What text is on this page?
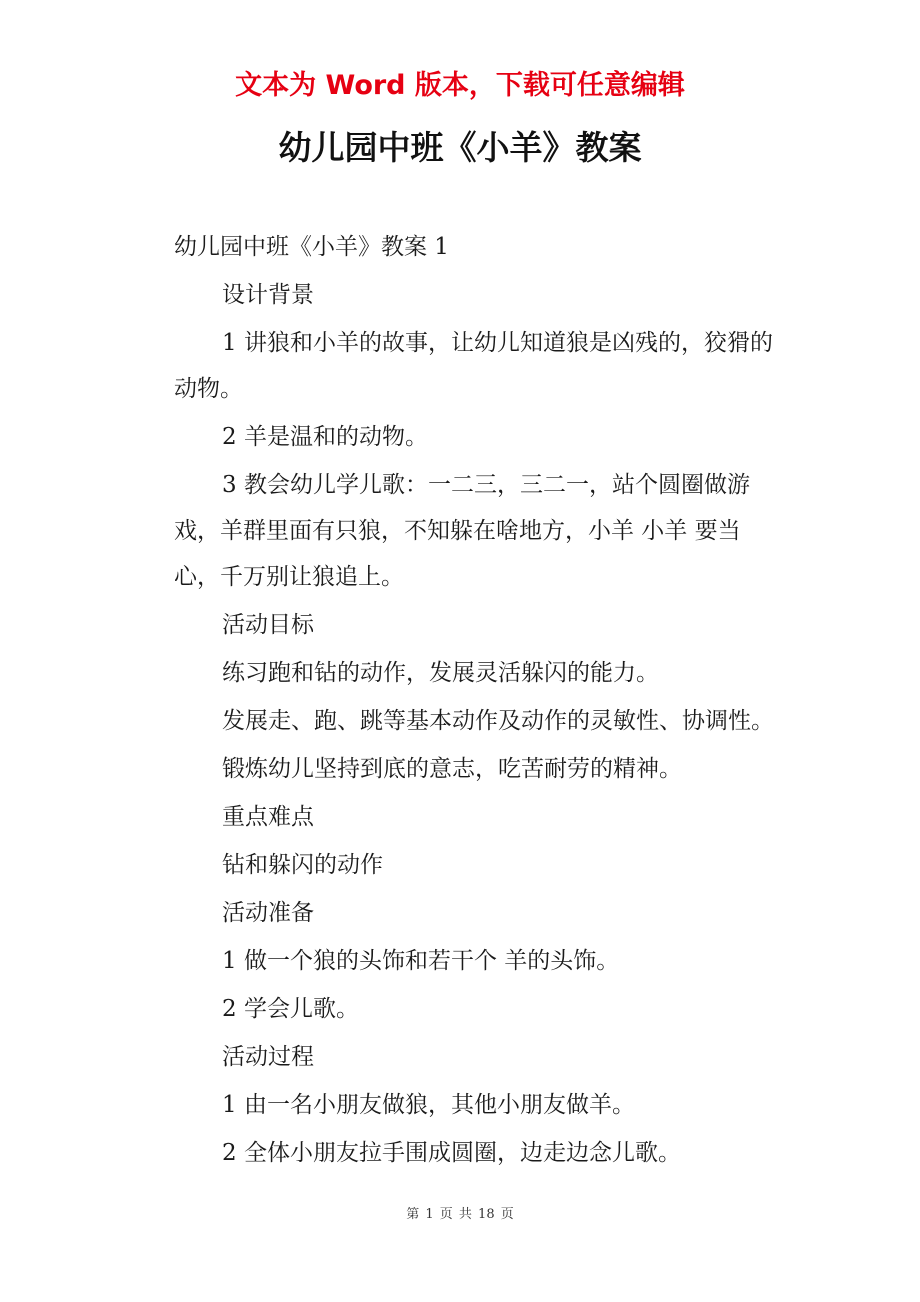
文本为 Word 版本，下载可任意编辑
幼儿园中班《小羊》教案

幼儿园中班《小羊》教案 1

设计背景

1 讲狼和小羊的故事，让幼儿知道狼是凶残的，狡猾的动物。

2 羊是温和的动物。

3 教会幼儿学儿歌：一二三，三二一，站个圆圈做游戏，羊群里面有只狼，不知躲在啥地方，小羊 小羊 要当心，千万别让狼追上。

活动目标

练习跑和钻的动作，发展灵活躲闪的能力。

发展走、跑、跳等基本动作及动作的灵敏性、协调性。

锻炼幼儿坚持到底的意志，吃苦耐劳的精神。

重点难点

钻和躲闪的动作

活动准备

1 做一个狼的头饰和若干个 羊的头饰。

2 学会儿歌。

活动过程

1 由一名小朋友做狼，其他小朋友做羊。

2 全体小朋友拉手围成圆圈，边走边念儿歌。

第 1 页 共 18 页
